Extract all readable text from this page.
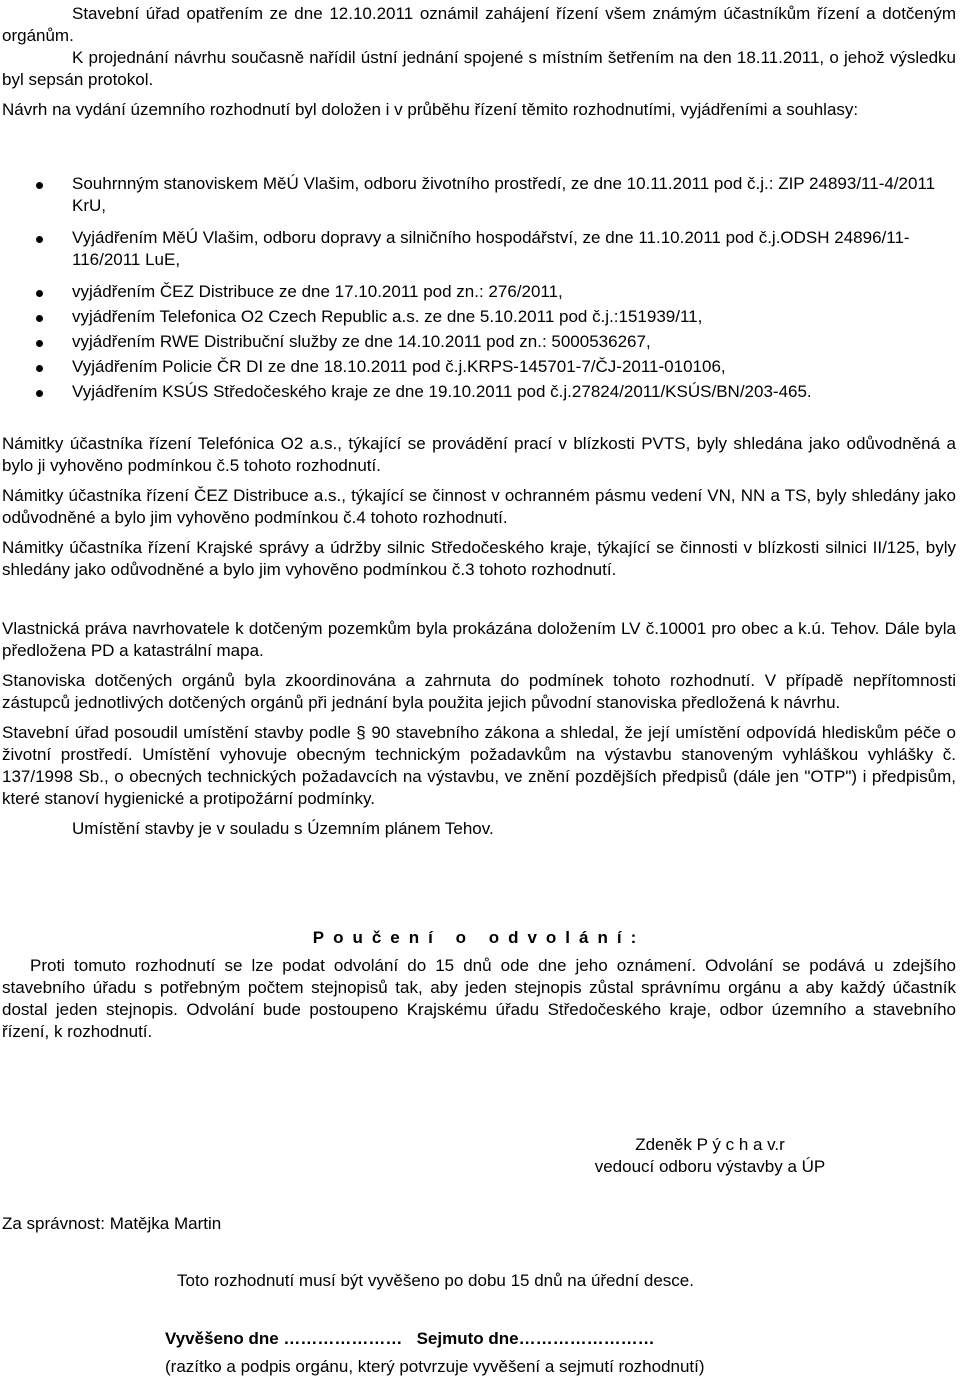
Stavební úřad opatřením ze dne 12.10.2011 oznámil zahájení řízení všem známým účastníkům řízení a dotčeným orgánům.

K projednání návrhu současně nařídil ústní jednání spojené s místním šetřením na den 18.11.2011, o jehož výsledku byl sepsán protokol.

Návrh na vydání územního rozhodnutí byl doložen i v průběhu řízení těmito rozhodnutími, vyjádřeními a souhlasy:

Souhrnným stanoviskem MěÚ Vlašim, odboru životního prostředí, ze dne 10.11.2011 pod č.j.: ZIP 24893/11-4/2011 KrU,
Vyjádřením MěÚ Vlašim, odboru dopravy a silničního hospodářství, ze dne 11.10.2011 pod č.j.ODSH 24896/11-116/2011 LuE,
vyjádřením ČEZ Distribuce ze dne 17.10.2011 pod zn.: 276/2011,
vyjádřením Telefonica O2 Czech Republic a.s. ze dne 5.10.2011 pod č.j.:151939/11,
vyjádřením RWE Distribuční služby ze dne 14.10.2011 pod zn.: 5000536267,
Vyjádřením Policie ČR DI ze dne 18.10.2011 pod č.j.KRPS-145701-7/ČJ-2011-010106,
Vyjádřením KSÚS Středočeského kraje ze dne 19.10.2011 pod č.j.27824/2011/KSÚS/BN/203-465.

Námitky účastníka řízení Telefónica O2 a.s., týkající se provádění prací v blízkosti PVTS, byly shledána jako odůvodněná a bylo ji vyhověno podmínkou č.5 tohoto rozhodnutí.

Námitky účastníka řízení ČEZ Distribuce a.s., týkající se činnost v ochranném pásmu vedení VN, NN a TS, byly shledány jako odůvodněné a bylo jim vyhověno podmínkou č.4 tohoto rozhodnutí.

Námitky účastníka řízení Krajské správy a údržby silnic Středočeského kraje, týkající se činnosti v blízkosti silnici II/125, byly shledány jako odůvodněné a bylo jim vyhověno podmínkou č.3 tohoto rozhodnutí.

Vlastnická práva navrhovatele k dotčeným pozemkům byla prokázána doložením LV č.10001 pro obec a k.ú. Tehov. Dále byla předložena PD a katastrální mapa.

Stanoviska dotčených orgánů byla zkoordinována a zahrnuta do podmínek tohoto rozhodnutí. V případě nepřítomnosti zástupců jednotlivých dotčených orgánů při jednání byla použita jejich původní stanoviska předložená k návrhu.

Stavební úřad posoudil umístění stavby podle § 90 stavebního zákona a shledal, že její umístění odpovídá hlediskům péče o životní prostředí. Umístění vyhovuje obecným technickým požadavkům na výstavbu stanoveným vyhláškou vyhlášky č. 137/1998 Sb., o obecných technických požadavcích na výstavbu, ve znění pozdějších předpisů (dále jen "OTP") i předpisům, které stanoví hygienické a protipožární podmínky.

Umístění stavby je v souladu s Územním plánem Tehov.

Poučení o odvolání:

Proti tomuto rozhodnutí se lze podat odvolání do 15 dnů ode dne jeho oznámení. Odvolání se podává u zdejšího stavebního úřadu s potřebným počtem stejnopisů tak, aby jeden stejnopis zůstal správnímu orgánu a aby každý účastník dostal jeden stejnopis. Odvolání bude postoupeno Krajskému úřadu Středočeského kraje, odbor územního a stavebního řízení, k rozhodnutí.

Zdeněk P ý c h a v.r

vedoucí odboru výstavby a ÚP

Za správnost: Matějka Martin

Toto rozhodnutí musí být vyvěšeno po dobu 15 dnů na úřední desce.

Vyvěšeno dne ………………… Sejmuto dne……………………

(razítko a podpis orgánu, který potvrzuje vyvěšení a sejmutí rozhodnutí)
